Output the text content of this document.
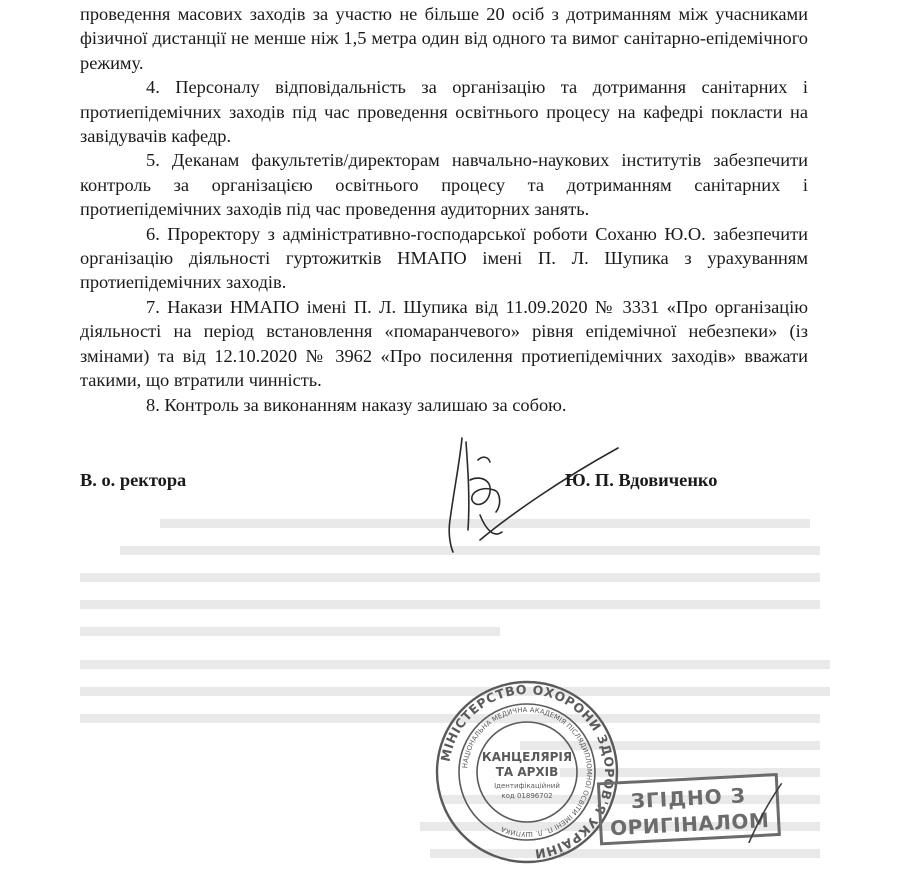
проведення масових заходів за участю не більше 20 осіб з дотриманням між учасниками фізичної дистанції не менше ніж 1,5 метра один від одного та вимог санітарно-епідемічного режиму.

4. Персоналу відповідальність за організацію та дотримання санітарних і протиепідемічних заходів під час проведення освітнього процесу на кафедрі покласти на завідувачів кафедр.

5. Деканам факультетів/директорам навчально-наукових інститутів забезпечити контроль за організацією освітнього процесу та дотриманням санітарних і протиепідемічних заходів під час проведення аудиторних занять.

6. Проректору з адміністративно-господарської роботи Соханю Ю.О. забезпечити організацію діяльності гуртожитків НМАПО імені П. Л. Шупика з урахуванням протиепідемічних заходів.

7. Накази НМАПО імені П. Л. Шупика від 11.09.2020 № 3331 «Про організацію діяльності на період встановлення «помаранчевого» рівня епідемічної небезпеки» (із змінами) та від 12.10.2020 № 3962 «Про посилення протиепідемічних заходів» вважати такими, що втратили чинність.

8. Контроль за виконанням наказу залишаю за собою.

В. о. ректора	Ю. П. Вдовиченко
МІНІСТЕРСТВО ОХОРОНИ ЗДОРОВ'Я УКРАЇНИ
НАЦІОНАЛЬНА МЕДИЧНА АКАДЕМІЯ ПІСЛЯДИПЛОМНОЇ ОСВІТИ ІМЕНІ П. Л. ШУПИКА
КАНЦЕЛЯРІЯ
ТА АРХІВ
Ідентифікаційний
код 01896702	ЗГІДНО З
ОРИГІНАЛОМ
